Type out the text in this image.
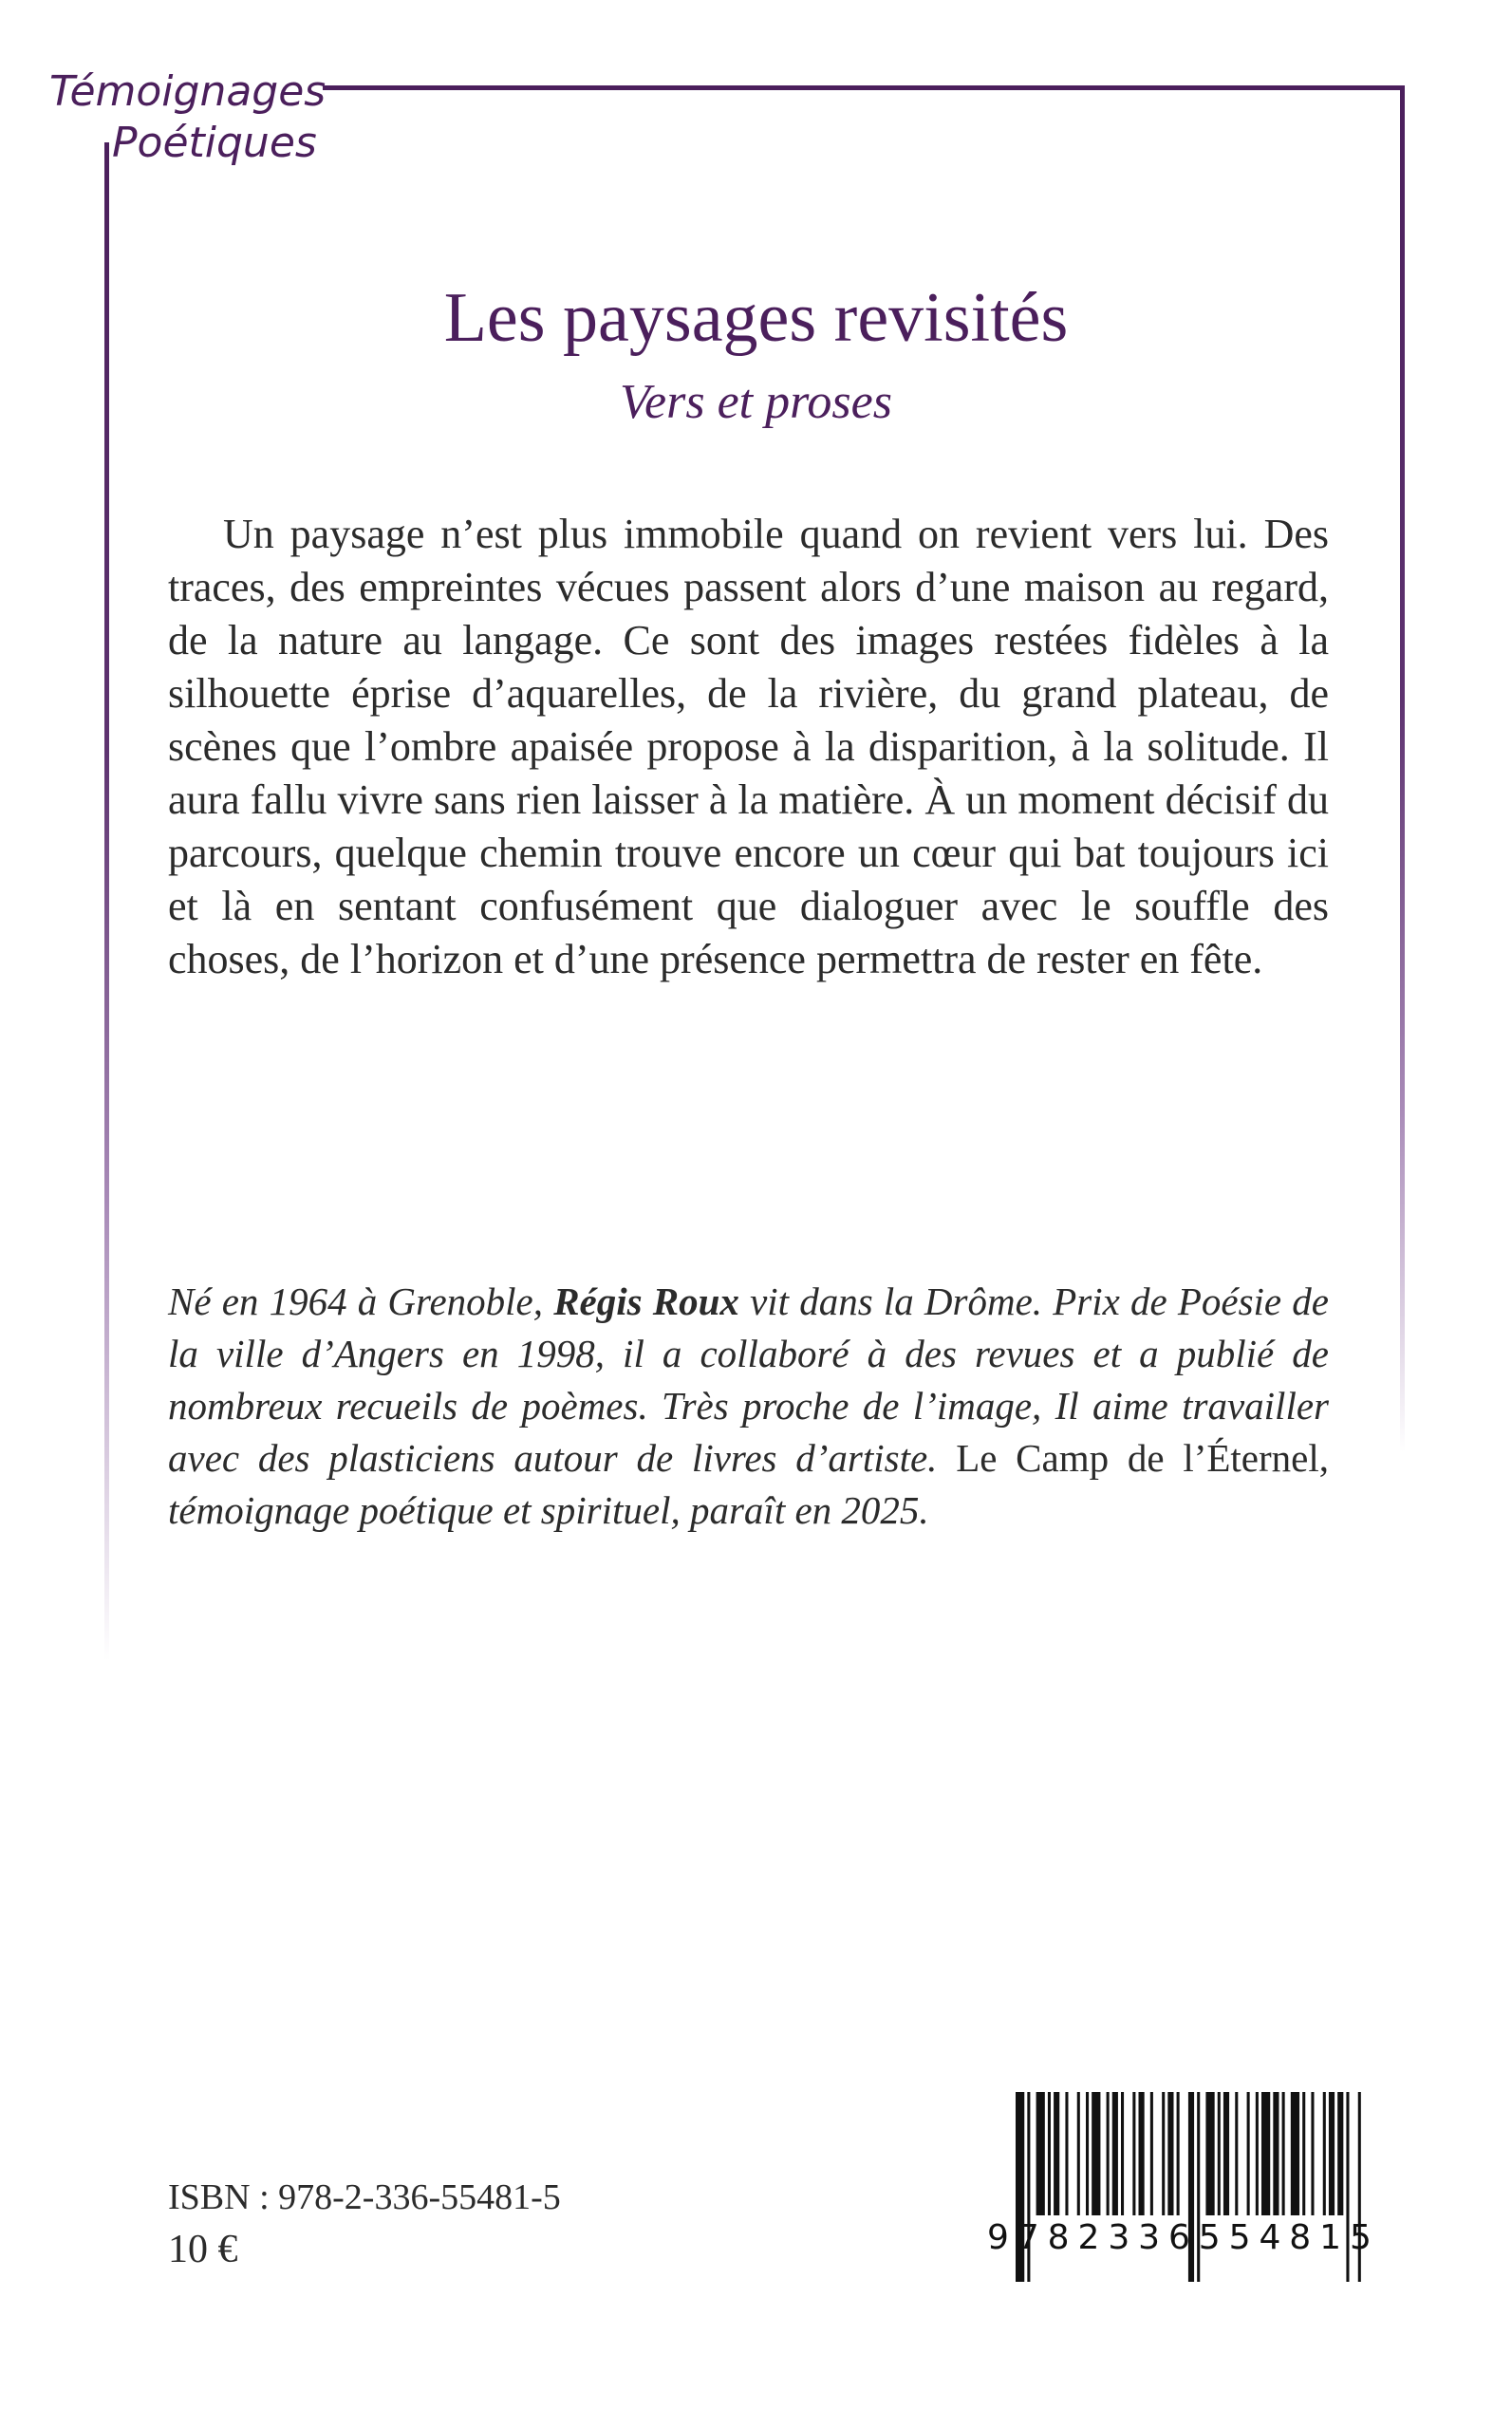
Témoignages
Poétiques
Les paysages revisités
Vers et proses

Un paysage n’est plus immobile quand on revient vers lui. Des traces, des empreintes vécues passent alors d’une maison au regard, de la nature au langage. Ce sont des images restées fidèles à la silhouette éprise d’aquarelles, de la rivière, du grand plateau, de scènes que l’ombre apaisée propose à la disparition, à la solitude. Il aura fallu vivre sans rien laisser à la matière. À un moment décisif du parcours, quelque chemin trouve encore un cœur qui bat toujours ici et là en sentant confusément que dialoguer avec le souffle des choses, de l’horizon et d’une présence permettra de rester en fête.

Né en 1964 à Grenoble, Régis Roux vit dans la Drôme. Prix de Poésie de la ville d’Angers en 1998, il a collaboré à des revues et a publié de nombreux recueils de poèmes. Très proche de l’image, Il aime travailler avec des plasticiens autour de livres d’artiste. Le Camp de l’Éternel, témoignage poétique et spirituel, paraît en 2025.

ISBN : 978-2-336-55481-5
10 €	9 7 8 2 3 3 6 5 5 4 8 1 5
